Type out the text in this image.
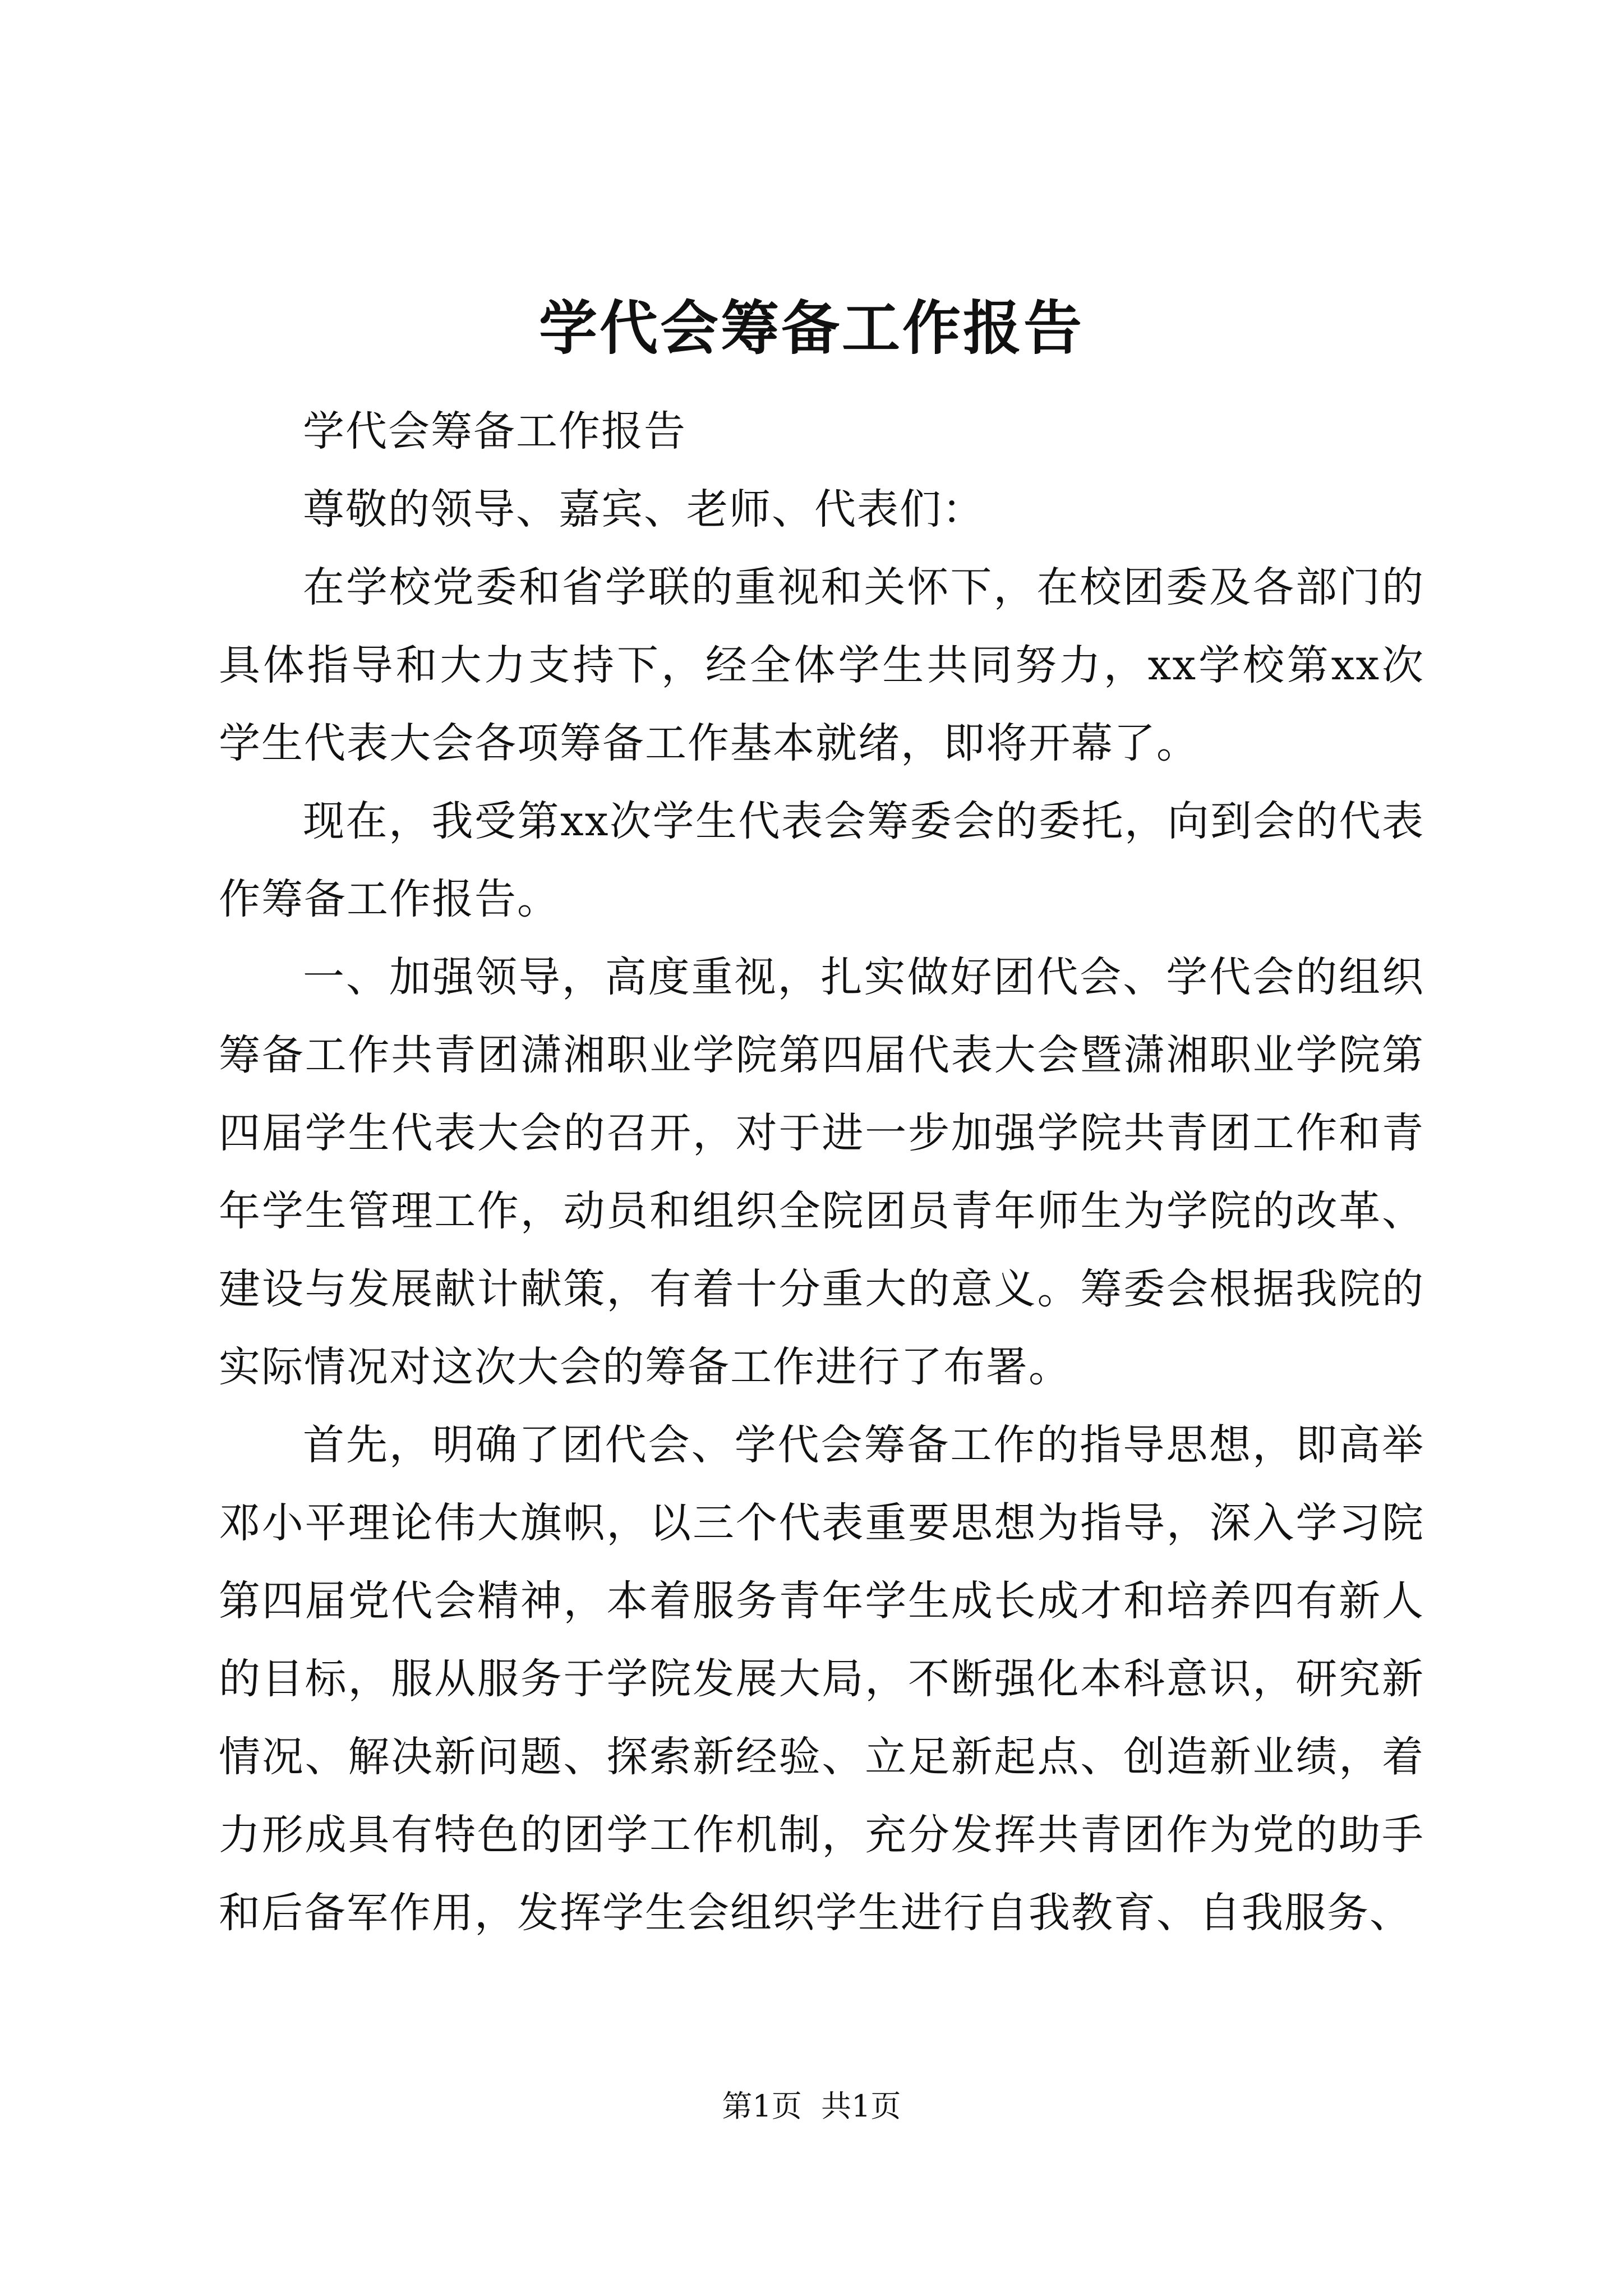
学代会筹备工作报告

学代会筹备工作报告

尊敬的领导、嘉宾、老师、代表们：

在学校党委和省学联的重视和关怀下，在校团委及各部门的具体指导和大力支持下，经全体学生共同努力，xx学校第xx次学生代表大会各项筹备工作基本就绪，即将开幕了。

现在，我受第xx次学生代表会筹委会的委托，向到会的代表作筹备工作报告。

一、加强领导，高度重视，扎实做好团代会、学代会的组织筹备工作共青团潇湘职业学院第四届代表大会暨潇湘职业学院第四届学生代表大会的召开，对于进一步加强学院共青团工作和青年学生管理工作，动员和组织全院团员青年师生为学院的改革、建设与发展献计献策，有着十分重大的意义。筹委会根据我院的实际情况对这次大会的筹备工作进行了布署。

首先，明确了团代会、学代会筹备工作的指导思想，即高举邓小平理论伟大旗帜，以三个代表重要思想为指导，深入学习院第四届党代会精神，本着服务青年学生成长成才和培养四有新人的目标，服从服务于学院发展大局，不断强化本科意识，研究新情况、解决新问题、探索新经验、立足新起点、创造新业绩，着力形成具有特色的团学工作机制，充分发挥共青团作为党的助手和后备军作用，发挥学生会组织学生进行自我教育、自我服务、

第1页  共1页
